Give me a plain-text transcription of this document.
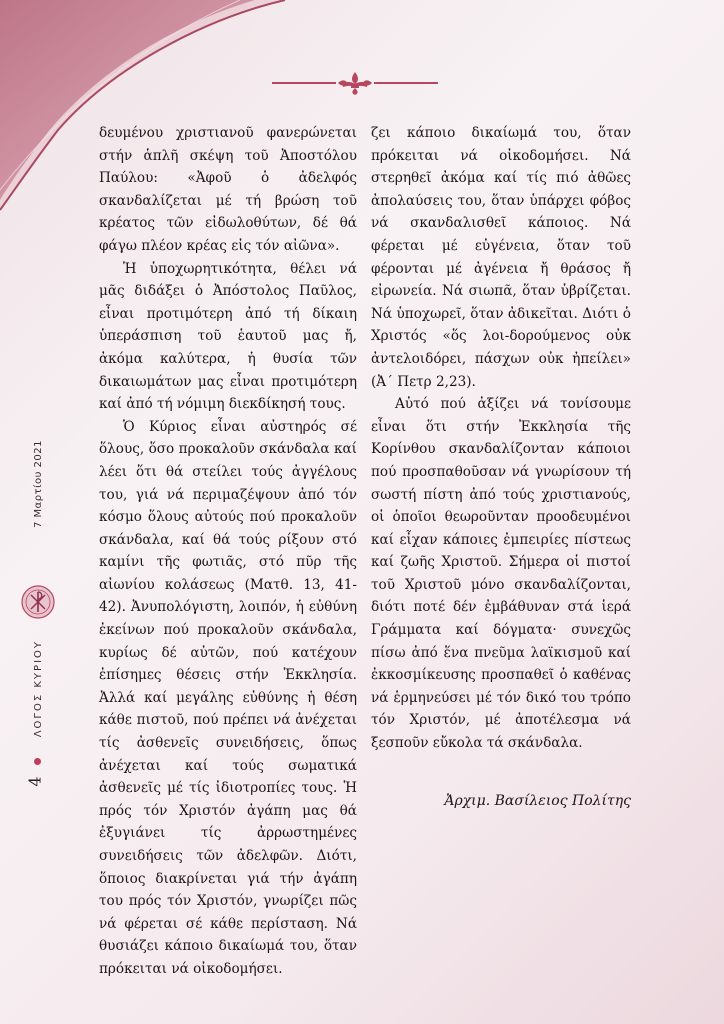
δευμένου χριστιανοῦ φανερώνεται στήν ἁπλῆ σκέψη τοῦ Ἀποστόλου Παύλου: «Ἀφοῦ ὁ ἀδελφός σκανδαλίζεται μέ τή βρώση τοῦ κρέατος τῶν εἰδωλοθύτων, δέ θά φάγω πλέον κρέας εἰς τόν αἰῶνα».

Ἡ ὑποχωρητικότητα, θέλει νά μᾶς διδάξει ὁ Ἀπόστολος Παῦλος, εἶναι προτιμότερη ἀπό τή δίκαιη ὑπεράσπιση τοῦ ἑαυτοῦ μας ἤ, ἀκόμα καλύτερα, ἡ θυσία τῶν δικαιωμάτων μας εἶναι προτιμότερη καί ἀπό τή νόμιμη διεκδίκησή τους.

Ὁ Κύριος εἶναι αὐστηρός σέ ὅλους, ὅσο προκαλοῦν σκάνδαλα καί λέει ὅτι θά στείλει τούς ἀγγέλους του, γιά νά περιμαζέψουν ἀπό τόν κόσμο ὅλους αὐτούς πού προκαλοῦν σκάνδαλα, καί θά τούς ρίξουν στό καμίνι τῆς φωτιᾶς, στό πῦρ τῆς αἰωνίου κολάσεως (Ματθ. 13, 41-42). Ἀνυπολόγιστη, λοιπόν, ἡ εὐθύνη ἐκείνων πού προκαλοῦν σκάνδαλα, κυρίως δέ αὐτῶν, πού κατέχουν ἐπίσημες θέσεις στήν Ἐκκλησία. Ἀλλά καί μεγάλης εὐθύνης ἡ θέση κάθε πιστοῦ, πού πρέπει νά ἀνέχεται τίς ἀσθενεῖς συνειδήσεις, ὅπως ἀνέχεται καί τούς σωματικά ἀσθενεῖς μέ τίς ἰδιοτροπίες τους. Ἡ πρός τόν Χριστόν ἀγάπη μας θά ἐξυγιάνει τίς ἀρρωστημένες συνειδήσεις τῶν ἀδελφῶν. Διότι, ὅποιος διακρίνεται γιά τήν ἀγάπη του πρός τόν Χριστόν, γνωρίζει πῶς νά φέρεται σέ κάθε περίσταση. Νά θυσιάζει κάποιο δικαίωμά του, ὅταν πρόκειται νά οἰκοδομήσει.

ζει κάποιο δικαίωμά του, ὅταν πρόκειται νά οἰκοδομήσει. Νά στερηθεῖ ἀκόμα καί τίς πιό ἀθῶες ἀπολαύσεις του, ὅταν ὑπάρχει φόβος νά σκανδαλισθεῖ κάποιος. Νά φέρεται μέ εὐγένεια, ὅταν τοῦ φέρονται μέ ἀγένεια ἤ θράσος ἤ εἰρωνεία. Νά σιωπᾶ, ὅταν ὑβρίζεται. Νά ὑποχωρεῖ, ὅταν ἀδικεῖται. Διότι ὁ Χριστός «ὅς λοι-δορούμενος οὐκ ἀντελοιδόρει, πάσχων οὐκ ἠπείλει» (Ἀ΄ Πετρ 2,23).

Αὐτό πού ἀξίζει νά τονίσουμε εἶναι ὅτι στήν Ἐκκλησία τῆς Κορίνθου σκανδαλίζονταν κάποιοι πού προσπαθοῦσαν νά γνωρίσουν τή σωστή πίστη ἀπό τούς χριστιανούς, οἱ ὁποῖοι θεωροῦνταν προοδευμένοι καί εἶχαν κάποιες ἐμπειρίες πίστεως καί ζωῆς Χριστοῦ. Σήμερα οἱ πιστοί τοῦ Χριστοῦ μόνο σκανδαλίζονται, διότι ποτέ δέν ἐμβάθυναν στά ἱερά Γράμματα καί δόγματα· συνεχῶς πίσω ἀπό ἕνα πνεῦμα λαϊκισμοῦ καί ἐκκοσμίκευσης προσπαθεῖ ὁ καθένας νά ἑρμηνεύσει μέ τόν δικό του τρόπο τόν Χριστόν, μέ ἀποτέλεσμα νά ξεσποῦν εὔκολα τά σκάνδαλα.

Ἀρχιμ. Βασίλειος Πολίτης
7 Μαρτίου 2021
ΛΟΓΟΣ ΚΥΡΙΟΥ
4
